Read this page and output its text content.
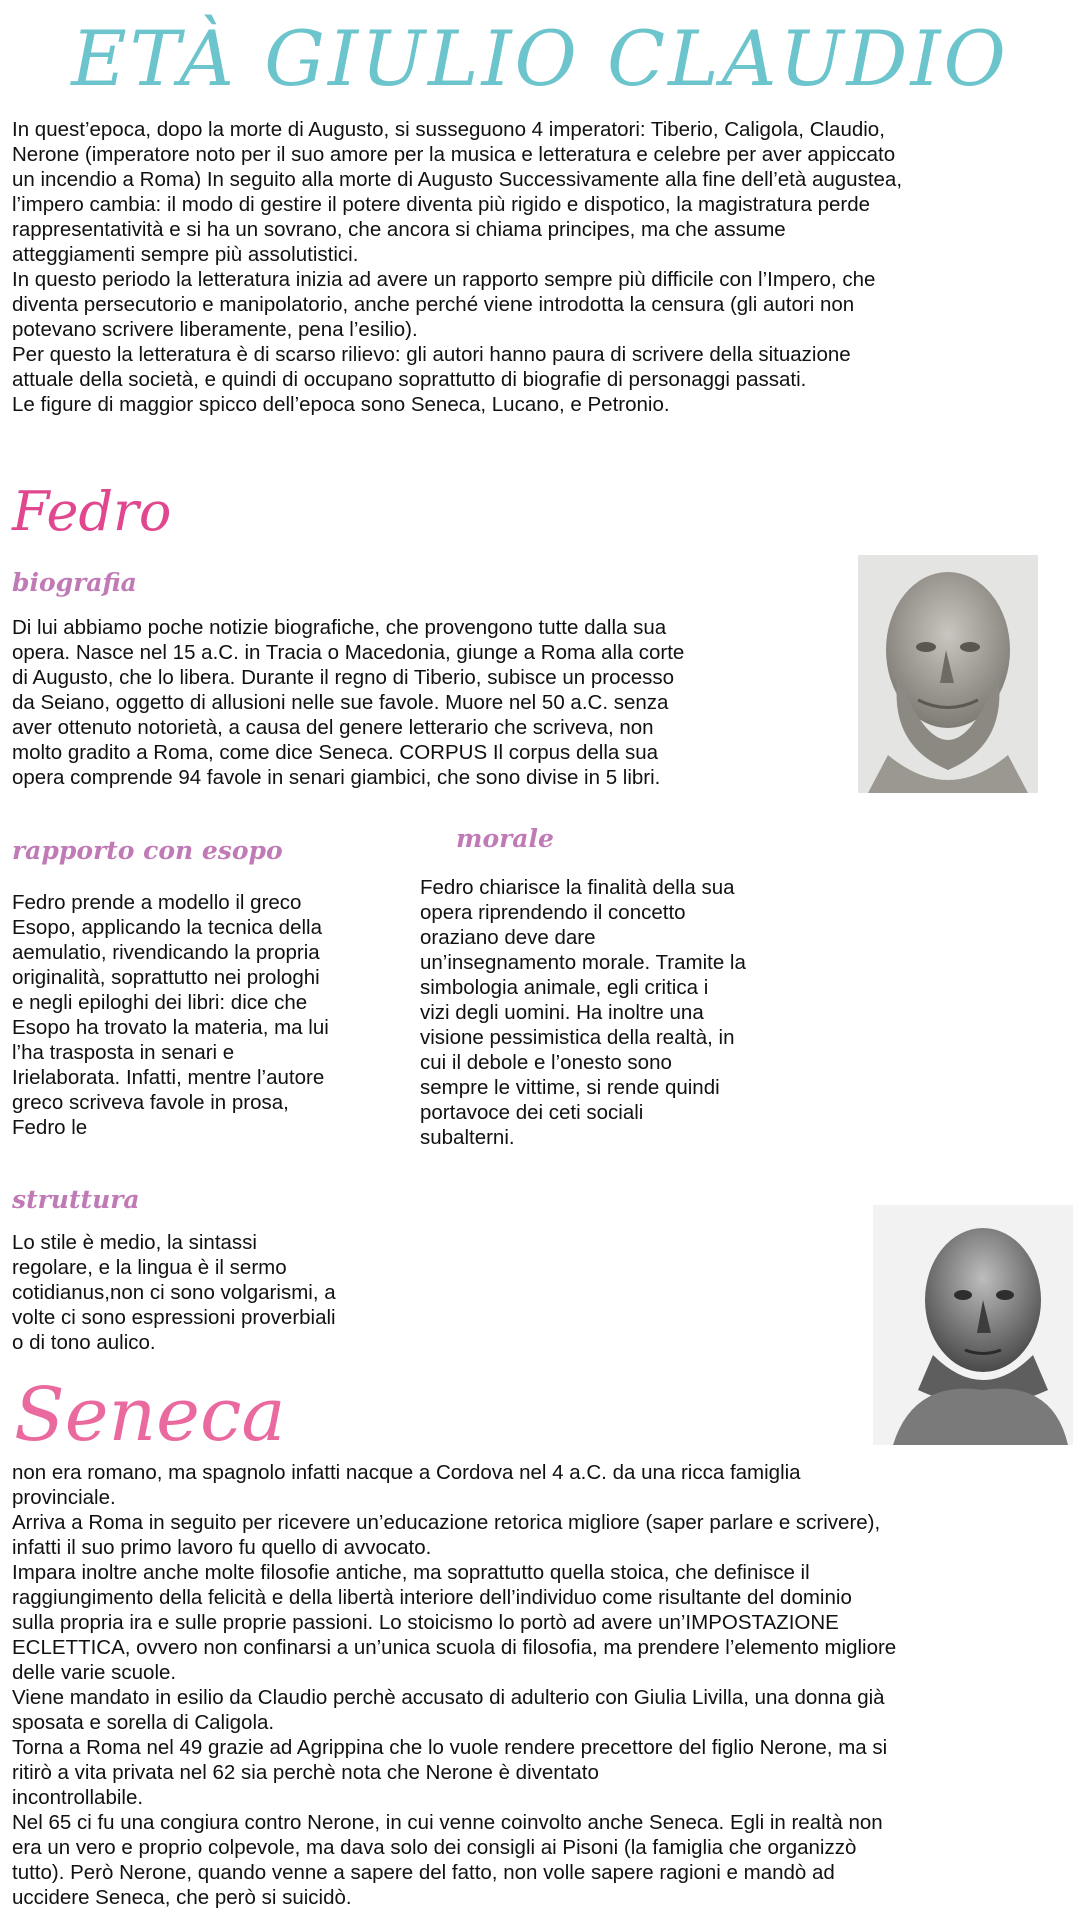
ETÀ GIULIO CLAUDIO

In quest’epoca, dopo la morte di Augusto, si susseguono 4 imperatori: Tiberio, Caligola, Claudio,
Nerone (imperatore noto per il suo amore per la musica e letteratura e celebre per aver appiccato
un incendio a Roma) In seguito alla morte di Augusto Successivamente alla fine dell’età augustea,
l’impero cambia: il modo di gestire il potere diventa più rigido e dispotico, la magistratura perde
rappresentatività e si ha un sovrano, che ancora si chiama principes, ma che assume
atteggiamenti sempre più assolutistici.
In questo periodo la letteratura inizia ad avere un rapporto sempre più difficile con l’Impero, che
diventa persecutorio e manipolatorio, anche perché viene introdotta la censura (gli autori non
potevano scrivere liberamente, pena l’esilio).
Per questo la letteratura è di scarso rilievo: gli autori hanno paura di scrivere della situazione
attuale della società, e quindi di occupano soprattutto di biografie di personaggi passati.
Le figure di maggior spicco dell’epoca sono Seneca, Lucano, e Petronio.

Fedro
biografia

Di lui abbiamo poche notizie biografiche, che provengono tutte dalla sua
opera. Nasce nel 15 a.C. in Tracia o Macedonia, giunge a Roma alla corte
di Augusto, che lo libera. Durante il regno di Tiberio, subisce un processo
da Seiano, oggetto di allusioni nelle sue favole. Muore nel 50 a.C. senza
aver ottenuto notorietà, a causa del genere letterario che scriveva, non
molto gradito a Roma, come dice Seneca. CORPUS Il corpus della sua
opera comprende 94 favole in senari giambici, che sono divise in 5 libri.

rapporto con esopo

Fedro prende a modello il greco
Esopo, applicando la tecnica della
aemulatio, rivendicando la propria
originalità, soprattutto nei prologhi
e negli epiloghi dei libri: dice che
Esopo ha trovato la materia, ma lui
l’ha trasposta in senari e
Irielaborata. Infatti, mentre l’autore
greco scriveva favole in prosa,
Fedro le

morale

Fedro chiarisce la finalità della sua
opera riprendendo il concetto
oraziano deve dare
un’insegnamento morale. Tramite la
simbologia animale, egli critica i
vizi degli uomini. Ha inoltre una
visione pessimistica della realtà, in
cui il debole e l’onesto sono
sempre le vittime, si rende quindi
portavoce dei ceti sociali
subalterni.

struttura

Lo stile è medio, la sintassi
regolare, e la lingua è il sermo
cotidianus,non ci sono volgarismi, a
volte ci sono espressioni proverbiali
o di tono aulico.

Seneca

non era romano, ma spagnolo infatti nacque a Cordova nel 4 a.C. da una ricca famiglia
provinciale.
Arriva a Roma in seguito per ricevere un’educazione retorica migliore (saper parlare e scrivere),
infatti il suo primo lavoro fu quello di avvocato.
Impara inoltre anche molte filosofie antiche, ma soprattutto quella stoica, che definisce il
raggiungimento della felicità e della libertà interiore dell’individuo come risultante del dominio
sulla propria ira e sulle proprie passioni. Lo stoicismo lo portò ad avere un’IMPOSTAZIONE
ECLETTICA, ovvero non confinarsi a un’unica scuola di filosofia, ma prendere l’elemento migliore
delle varie scuole.
Viene mandato in esilio da Claudio perchè accusato di adulterio con Giulia Livilla, una donna già
sposata e sorella di Caligola.
Torna a Roma nel 49 grazie ad Agrippina che lo vuole rendere precettore del figlio Nerone, ma si
ritirò a vita privata nel 62 sia perchè nota che Nerone è diventato
incontrollabile.
Nel 65 ci fu una congiura contro Nerone, in cui venne coinvolto anche Seneca. Egli in realtà non
era un vero e proprio colpevole, ma dava solo dei consigli ai Pisoni (la famiglia che organizzò
tutto). Però Nerone, quando venne a sapere del fatto, non volle sapere ragioni e mandò ad
uccidere Seneca, che però si suicidò.
